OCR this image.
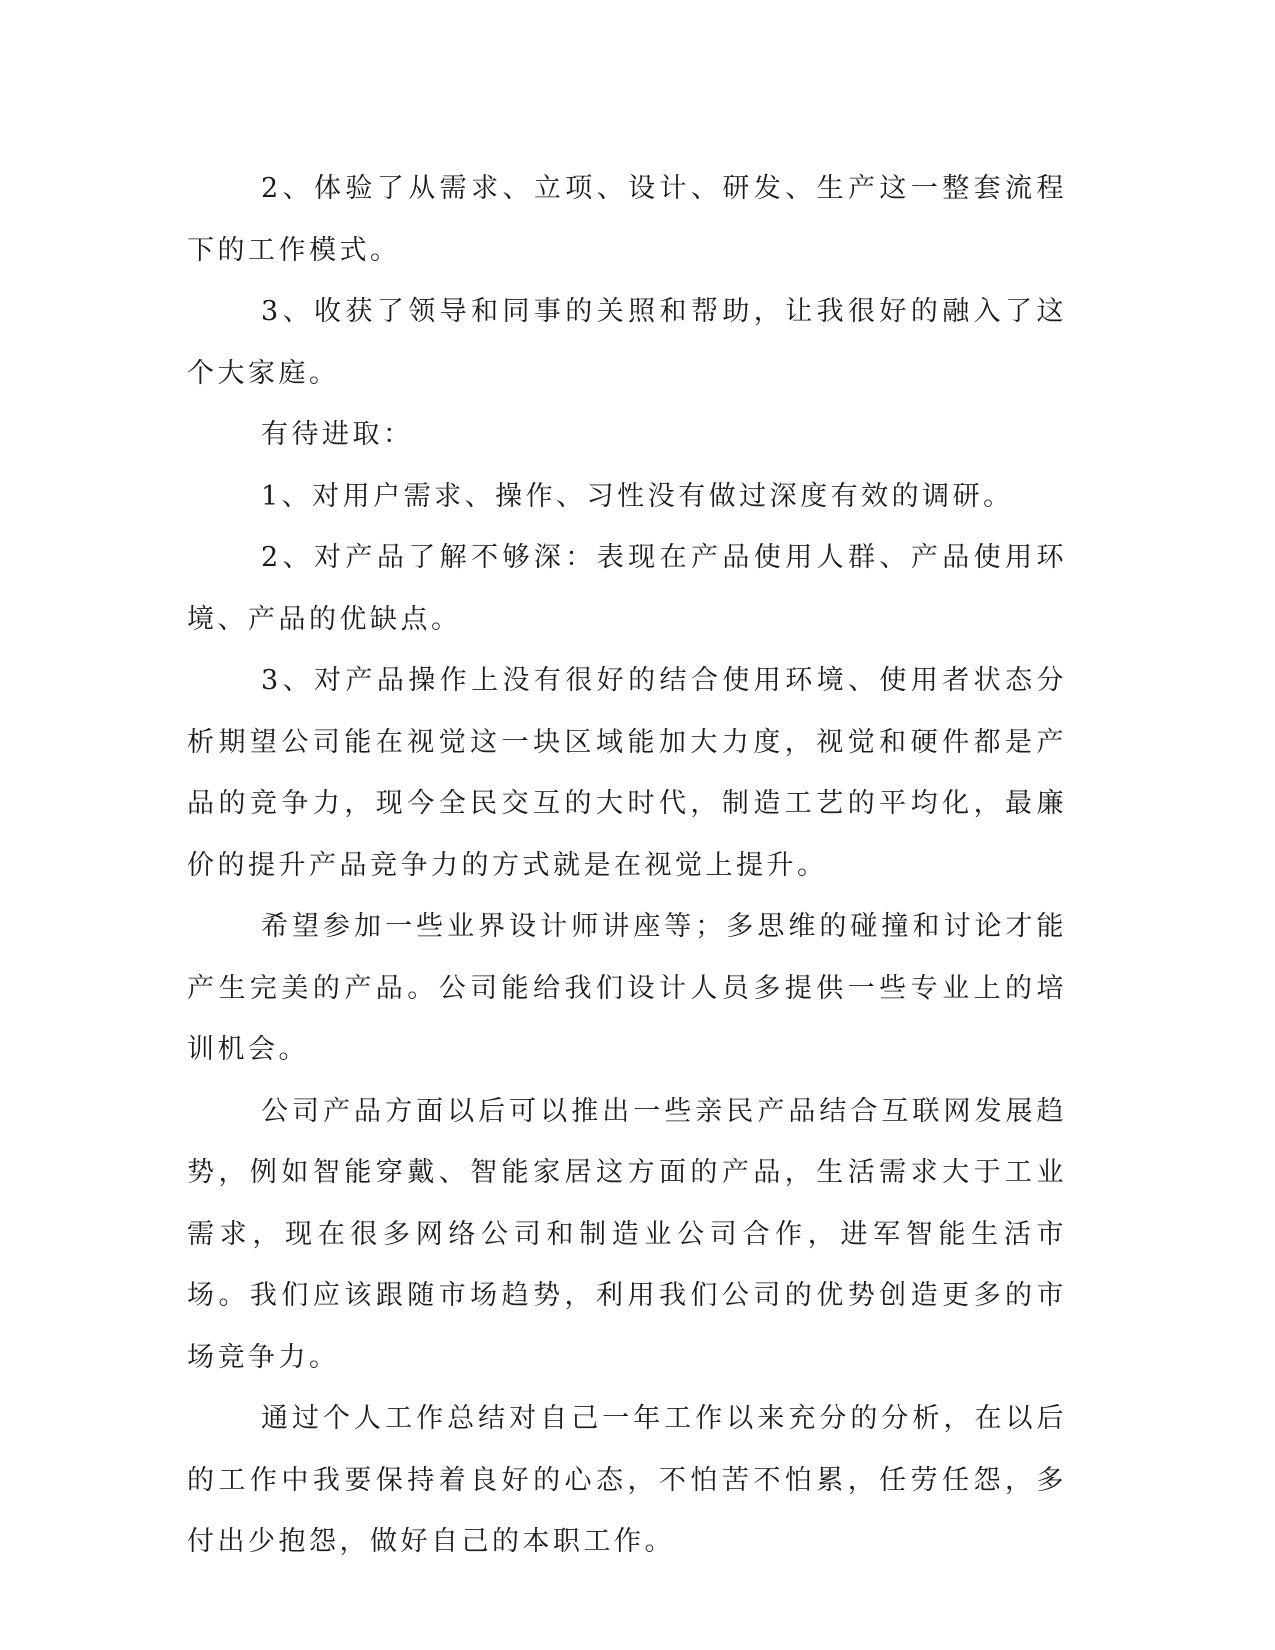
2、体验了从需求、立项、设计、研发、生产这一整套流程下的工作模式。

3、收获了领导和同事的关照和帮助，让我很好的融入了这个大家庭。

有待进取：

1、对用户需求、操作、习性没有做过深度有效的调研。

2、对产品了解不够深：表现在产品使用人群、产品使用环境、产品的优缺点。

3、对产品操作上没有很好的结合使用环境、使用者状态分析期望公司能在视觉这一块区域能加大力度，视觉和硬件都是产品的竞争力，现今全民交互的大时代，制造工艺的平均化，最廉价的提升产品竞争力的方式就是在视觉上提升。

希望参加一些业界设计师讲座等；多思维的碰撞和讨论才能产生完美的产品。公司能给我们设计人员多提供一些专业上的培训机会。

公司产品方面以后可以推出一些亲民产品结合互联网发展趋势，例如智能穿戴、智能家居这方面的产品，生活需求大于工业需求，现在很多网络公司和制造业公司合作，进军智能生活市场。我们应该跟随市场趋势，利用我们公司的优势创造更多的市场竞争力。

通过个人工作总结对自己一年工作以来充分的分析，在以后的工作中我要保持着良好的心态，不怕苦不怕累，任劳任怨，多付出少抱怨，做好自己的本职工作。
